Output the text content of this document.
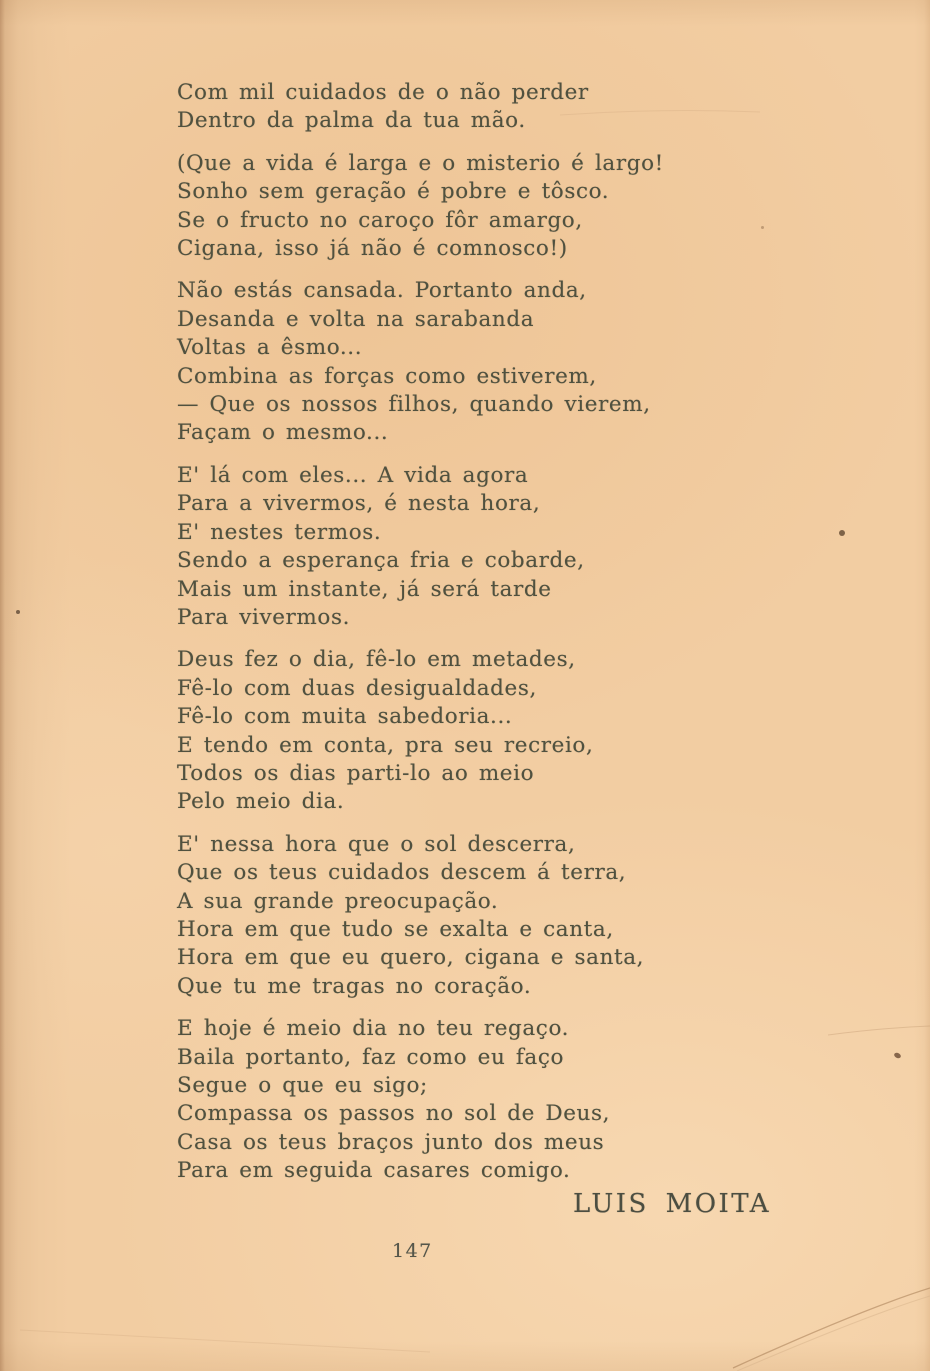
Com mil cuidados de o não perder
Dentro da palma da tua mão.
(Que a vida é larga e o misterio é largo!
Sonho sem geração é pobre e tôsco.
Se o fructo no caroço fôr amargo,
Cigana, isso já não é comnosco!)
Não estás cansada. Portanto anda,
Desanda e volta na sarabanda
Voltas a êsmo...
Combina as forças como estiverem,
— Que os nossos filhos, quando vierem,
Façam o mesmo...
E' lá com eles... A vida agora
Para a vivermos, é nesta hora,
E' nestes termos.
Sendo a esperança fria e cobarde,
Mais um instante, já será tarde
Para vivermos.
Deus fez o dia, fê-lo em metades,
Fê-lo com duas desigualdades,
Fê-lo com muita sabedoria...
E tendo em conta, pra seu recreio,
Todos os dias parti-lo ao meio
Pelo meio dia.
E' nessa hora que o sol descerra,
Que os teus cuidados descem á terra,
A sua grande preocupação.
Hora em que tudo se exalta e canta,
Hora em que eu quero, cigana e santa,
Que tu me tragas no coração.
E hoje é meio dia no teu regaço.
Baila portanto, faz como eu faço
Segue o que eu sigo;
Compassa os passos no sol de Deus,
Casa os teus braços junto dos meus
Para em seguida casares comigo.
LUIS MOITA
147
